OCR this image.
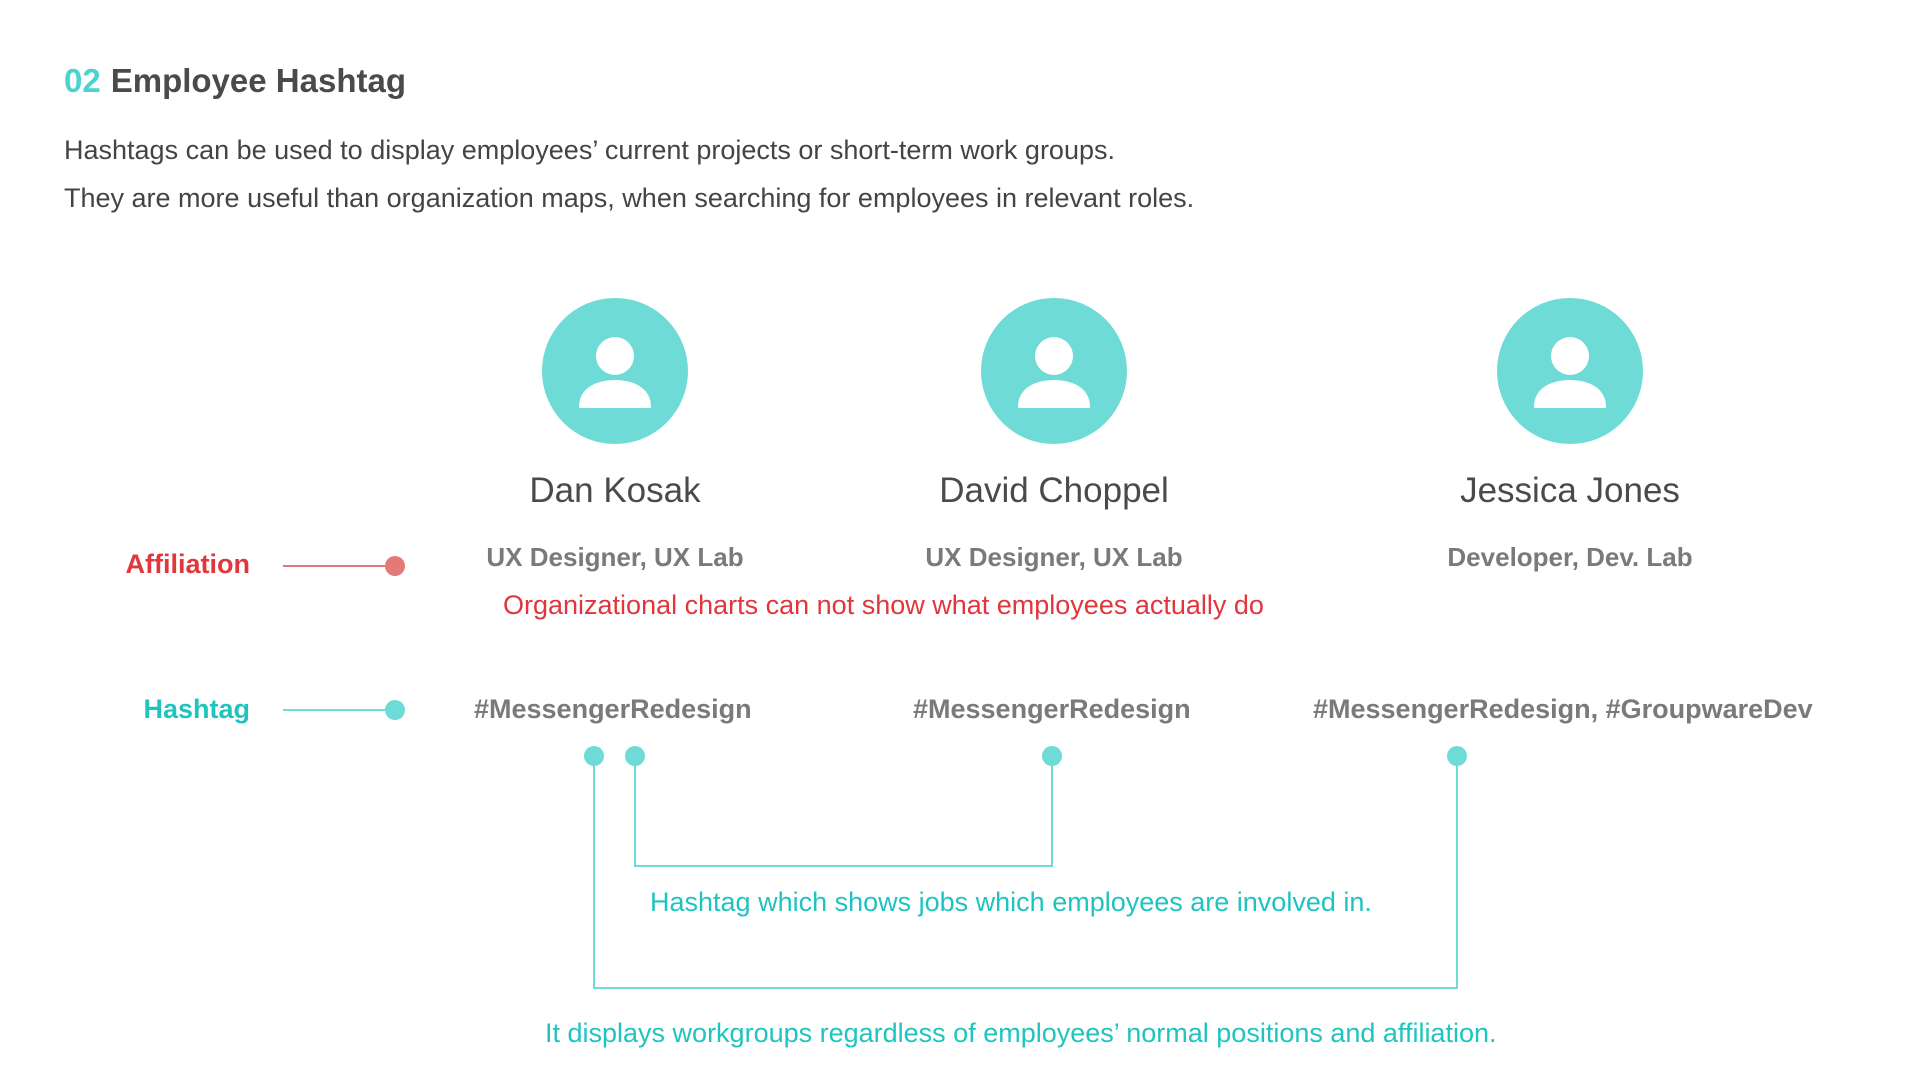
02 Employee Hashtag
Hashtags can be used to display employees’ current projects or short-term work groups.
They are more useful than organization maps, when searching for employees in relevant roles.
Affiliation
Hashtag
Dan Kosak
UX Designer, UX Lab
#MessengerRedesign
David Choppel
UX Designer, UX Lab
#MessengerRedesign
Jessica Jones
Developer, Dev. Lab
#MessengerRedesign, #GroupwareDev
Organizational charts can not show what employees actually do
Hashtag which shows jobs which employees are involved in.
It displays workgroups regardless of employees’ normal positions and affiliation.
